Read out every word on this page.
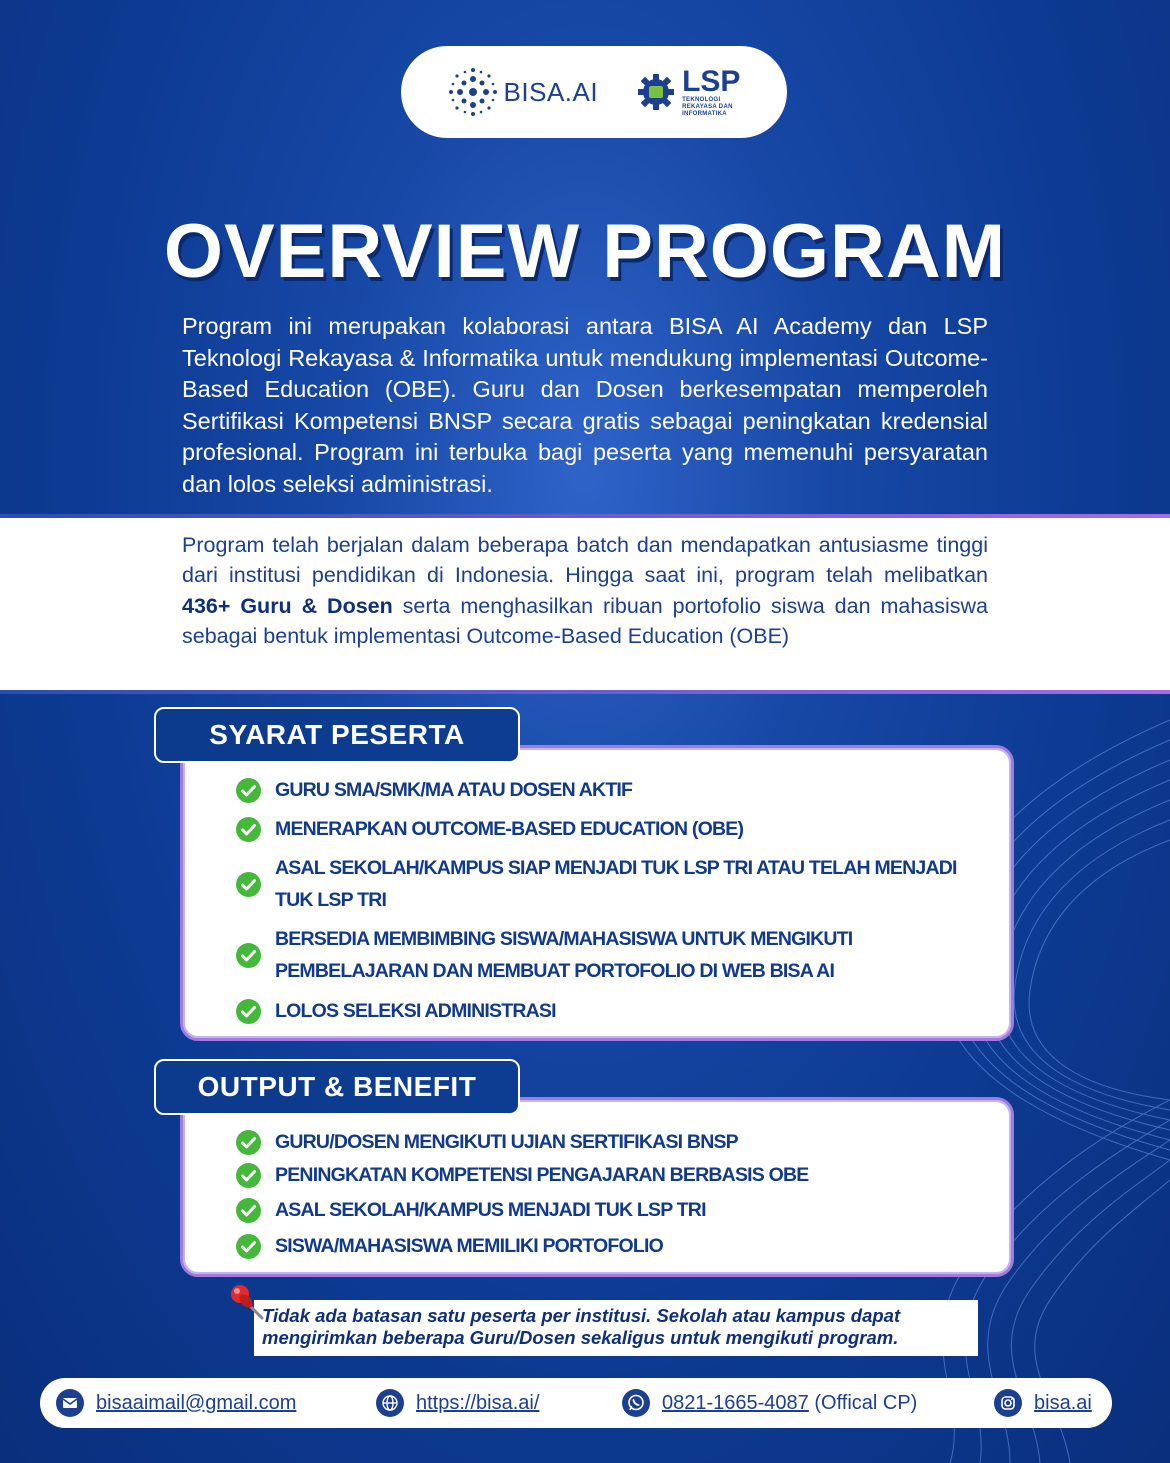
BISA.AI	LSP
TEKNOLOGI
REKAYASA DAN
INFORMATIKA
OVERVIEW PROGRAM
Program ini merupakan kolaborasi antara BISA AI Academy dan LSP Teknologi Rekayasa & Informatika untuk mendukung implementasi Outcome-Based Education (OBE). Guru dan Dosen berkesempatan memperoleh Sertifikasi Kompetensi BNSP secara gratis sebagai peningkatan kredensial profesional. Program ini terbuka bagi peserta yang memenuhi persyaratan dan lolos seleksi administrasi.
Program telah berjalan dalam beberapa batch dan mendapatkan antusiasme tinggi dari institusi pendidikan di Indonesia. Hingga saat ini, program telah melibatkan 436+ Guru & Dosen serta menghasilkan ribuan portofolio siswa dan mahasiswa sebagai bentuk implementasi Outcome-Based Education (OBE)
SYARAT PESERTA
GURU SMA/SMK/MA ATAU DOSEN AKTIF
MENERAPKAN OUTCOME-BASED EDUCATION (OBE)
ASAL SEKOLAH/KAMPUS SIAP MENJADI TUK LSP TRI ATAU TELAH MENJADI TUK LSP TRI
BERSEDIA MEMBIMBING SISWA/MAHASISWA UNTUK MENGIKUTI PEMBELAJARAN DAN MEMBUAT PORTOFOLIO DI WEB BISA AI
LOLOS SELEKSI ADMINISTRASI
OUTPUT & BENEFIT
GURU/DOSEN MENGIKUTI UJIAN SERTIFIKASI BNSP
PENINGKATAN KOMPETENSI PENGAJARAN BERBASIS OBE
ASAL SEKOLAH/KAMPUS MENJADI TUK LSP TRI
SISWA/MAHASISWA MEMILIKI PORTOFOLIO
Tidak ada batasan satu peserta per institusi. Sekolah atau kampus dapat mengirimkan beberapa Guru/Dosen sekaligus untuk mengikuti program.
bisaaimail@gmail.com	https://bisa.ai/	0821-1665-4087 (Offical CP)	bisa.ai
